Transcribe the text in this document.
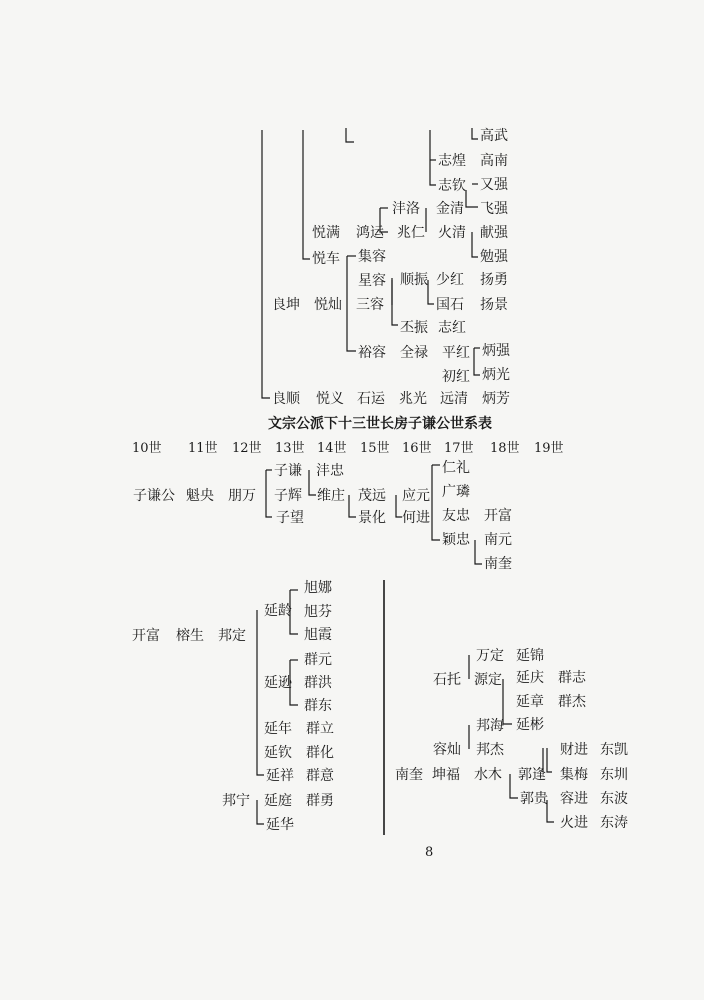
高武
志煌 高南
志钦 又强
悦满 鸿运
沣洛 金清 飞强
兆仁 火清 献强
勉强
悦车 集容
星容 顺振 少红 扬勇
良坤 悦灿 三容	国石 扬景
丕振 志红
裕容 全禄 平红 炳强
初红 炳光
良顺 悦义 石运 兆光 远清 炳芳
文宗公派下十三世长房子谦公世系表
10世 11世 12世 13世 14世 15世 16世 17世 18世 19世
子谦公 魁央 朋万
子谦 沣忠
子辉 维庄 茂远 应元
仁礼
子望
广璘
景化 何进 友忠 开富
颖忠 南元
南奎
开富 榕生 邦定
延龄
旭娜
旭芬
旭霞
延逊
群元
群洪
群东
延年 群立
延钦 群化
延祥 群意
邦宁 延庭 群勇
延华
石托
万定 延锦
源定 延庆 群志
延章 群杰
延彬
邦海
容灿 邦杰
南奎 坤福 水木
财进 东凯
郭逢 集梅 东圳
郭贵 容进 东波
火进 东涛
8
